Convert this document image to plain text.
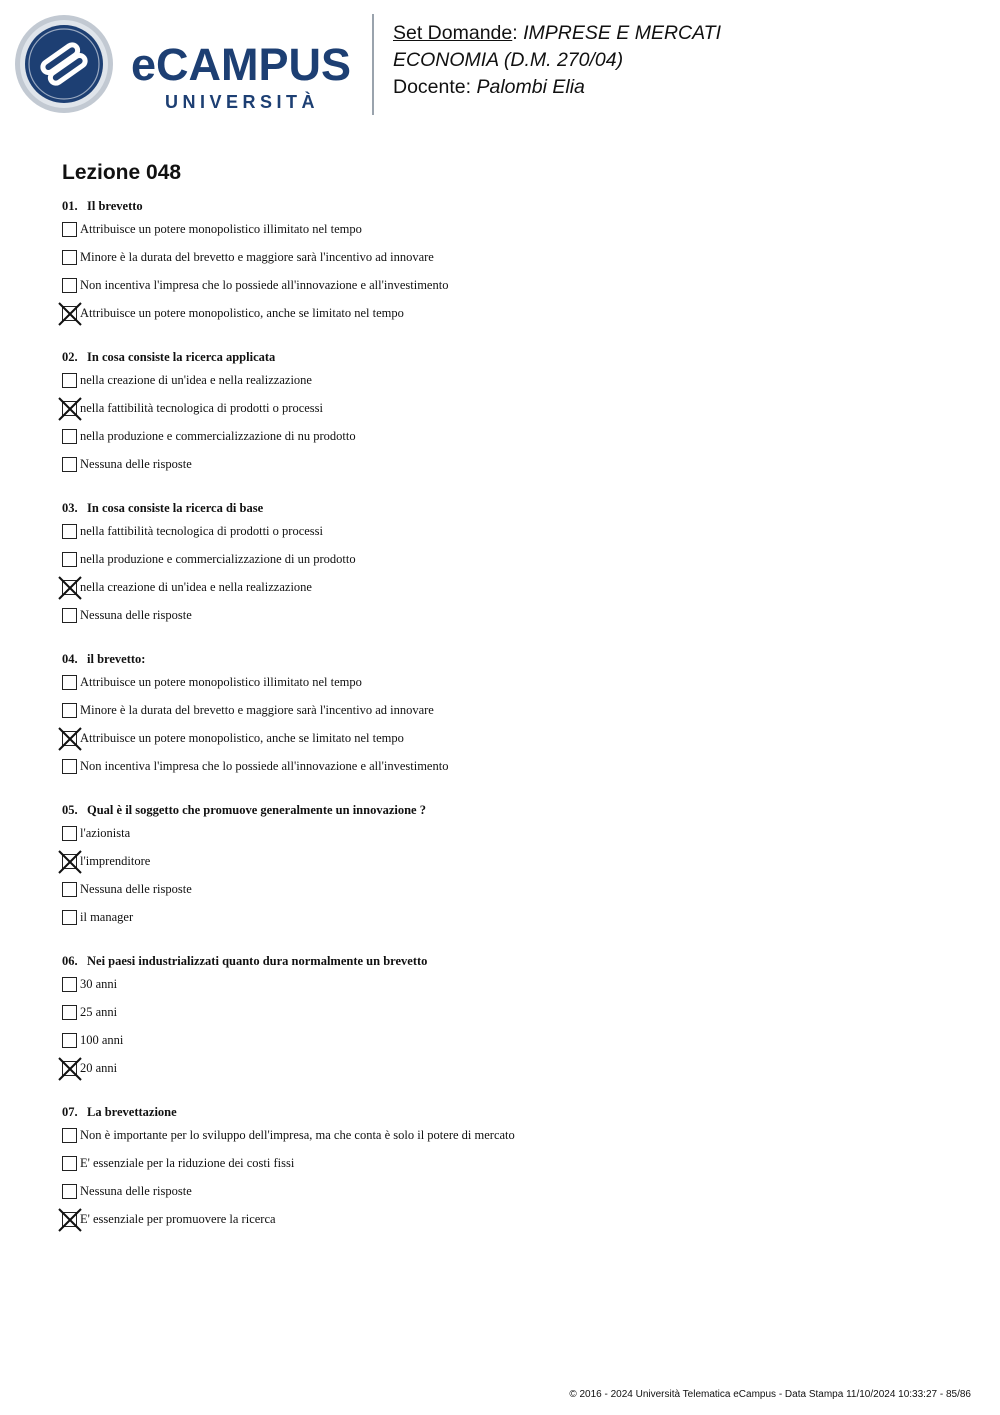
eCAMPUS
UNIVERSITÀ
Set Domande: IMPRESE E MERCATI
ECONOMIA (D.M. 270/04)
Docente: Palombi Elia
Lezione 048
01. Il brevetto
Attribuisce un potere monopolistico illimitato nel tempo
Minore è la durata del brevetto e maggiore sarà l'incentivo ad innovare
Non incentiva l'impresa che lo possiede all'innovazione e all'investimento
Attribuisce un potere monopolistico, anche se limitato nel tempo
02. In cosa consiste la ricerca applicata
nella creazione di un'idea e nella realizzazione
nella fattibilità tecnologica di prodotti o processi
nella produzione e commercializzazione di nu prodotto
Nessuna delle risposte
03. In cosa consiste la ricerca di base
nella fattibilità tecnologica di prodotti o processi
nella produzione e commercializzazione di un prodotto
nella creazione di un'idea e nella realizzazione
Nessuna delle risposte
04. il brevetto:
Attribuisce un potere monopolistico illimitato nel tempo
Minore è la durata del brevetto e maggiore sarà l'incentivo ad innovare
Attribuisce un potere monopolistico, anche se limitato nel tempo
Non incentiva l'impresa che lo possiede all'innovazione e all'investimento
05. Qual è il soggetto che promuove generalmente un innovazione ?
l'azionista
l'imprenditore
Nessuna delle risposte
il manager
06. Nei paesi industrializzati quanto dura normalmente un brevetto
30 anni
25 anni
100 anni
20 anni
07. La brevettazione
Non è importante per lo sviluppo dell'impresa, ma che conta è solo il potere di mercato
E' essenziale per la riduzione dei costi fissi
Nessuna delle risposte
E' essenziale per promuovere la ricerca
© 2016 - 2024 Università Telematica eCampus - Data Stampa 11/10/2024 10:33:27 - 85/86
